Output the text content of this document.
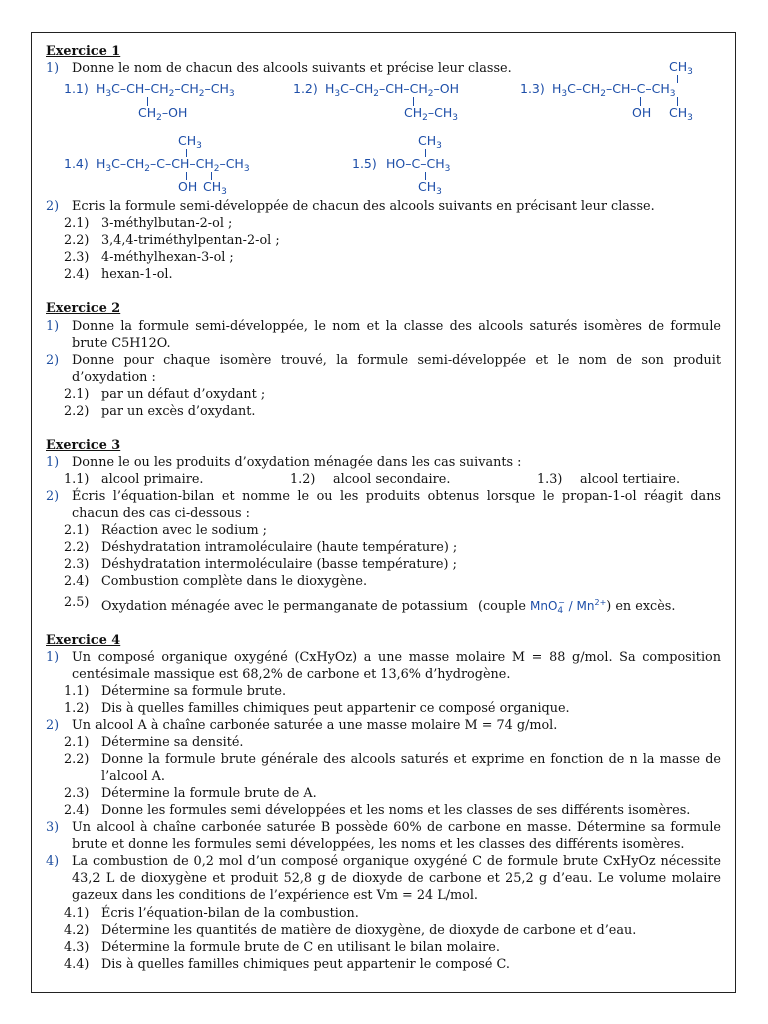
Exercice 1
1) Donne le nom de chacun des alcools suivants et précise leur classe.
1.1) $H_3C-CH-CH_2-CH_2-CH_3$
$CH_2-OH$
1.2) $H_3C-CH_2-CH-CH_2-OH$
$CH_2-CH_3$
1.3)
$CH_3$
$H_3C-CH_2-CH-C-CH_3$
OH $CH_3$
1.4)
$CH_3$
$H_3C-CH_2-C-CH-CH_2-CH_3$
OH $CH_3$
1.5)
$CH_3$
$HO-C-CH_3$
$CH_3$
2) Ecris la formule semi-développée de chacun des alcools suivants en précisant leur classe.
2.1) 3-méthylbutan-2-ol ;
2.2) 3,4,4-triméthylpentan-2-ol ;
2.3) 4-méthylhexan-3-ol ;
2.4) hexan-1-ol.
Exercice 2
1) Donne la formule semi-développée, le nom et la classe des alcools saturés isomères de formule
brute C5H12O.
2) Donne pour chaque isomère trouvé, la formule semi-développée et le nom de son produit
d’oxydation :
2.1) par un défaut d’oxydant ;
2.2) par un excès d’oxydant.
Exercice 3
1) Donne le ou les produits d’oxydation ménagée dans les cas suivants :
1.1) alcool primaire.	1.2) alcool secondaire.	1.3) alcool tertiaire.
2) Écris l’équation-bilan et nomme le ou les produits obtenus lorsque le propan-1-ol réagit dans
chacun des cas ci-dessous :
2.1) Réaction avec le sodium ;
2.2) Déshydratation intramoléculaire (haute température) ;
2.3) Déshydratation intermoléculaire (basse température) ;
2.4) Combustion complète dans le dioxygène.
2.5) Oxydation ménagée avec le permanganate de potassium (couple $MnO_4^- / Mn^{2+}$) en excès.
Exercice 4
1) Un composé organique oxygéné (CxHyOz) a une masse molaire M = 88 g/mol. Sa composition
centésimale massique est 68,2% de carbone et 13,6% d’hydrogène.
1.1) Détermine sa formule brute.
1.2) Dis à quelles familles chimiques peut appartenir ce composé organique.
2) Un alcool A à chaîne carbonée saturée a une masse molaire M = 74 g/mol.
2.1) Détermine sa densité.
2.2) Donne la formule brute générale des alcools saturés et exprime en fonction de n la masse de
l’alcool A.
2.3) Détermine la formule brute de A.
2.4) Donne les formules semi développées et les noms et les classes de ses différents isomères.
3) Un alcool à chaîne carbonée saturée B possède 60% de carbone en masse. Détermine sa formule
brute et donne les formules semi développées, les noms et les classes des différents isomères.
4) La combustion de 0,2 mol d’un composé organique oxygéné C de formule brute CxHyOz nécessite
43,2 L de dioxygène et produit 52,8 g de dioxyde de carbone et 25,2 g d’eau. Le volume molaire
gazeux dans les conditions de l’expérience est Vm = 24 L/mol.
4.1) Écris l’équation-bilan de la combustion.
4.2) Détermine les quantités de matière de dioxygène, de dioxyde de carbone et d’eau.
4.3) Détermine la formule brute de C en utilisant le bilan molaire.
4.4) Dis à quelles familles chimiques peut appartenir le composé C.
